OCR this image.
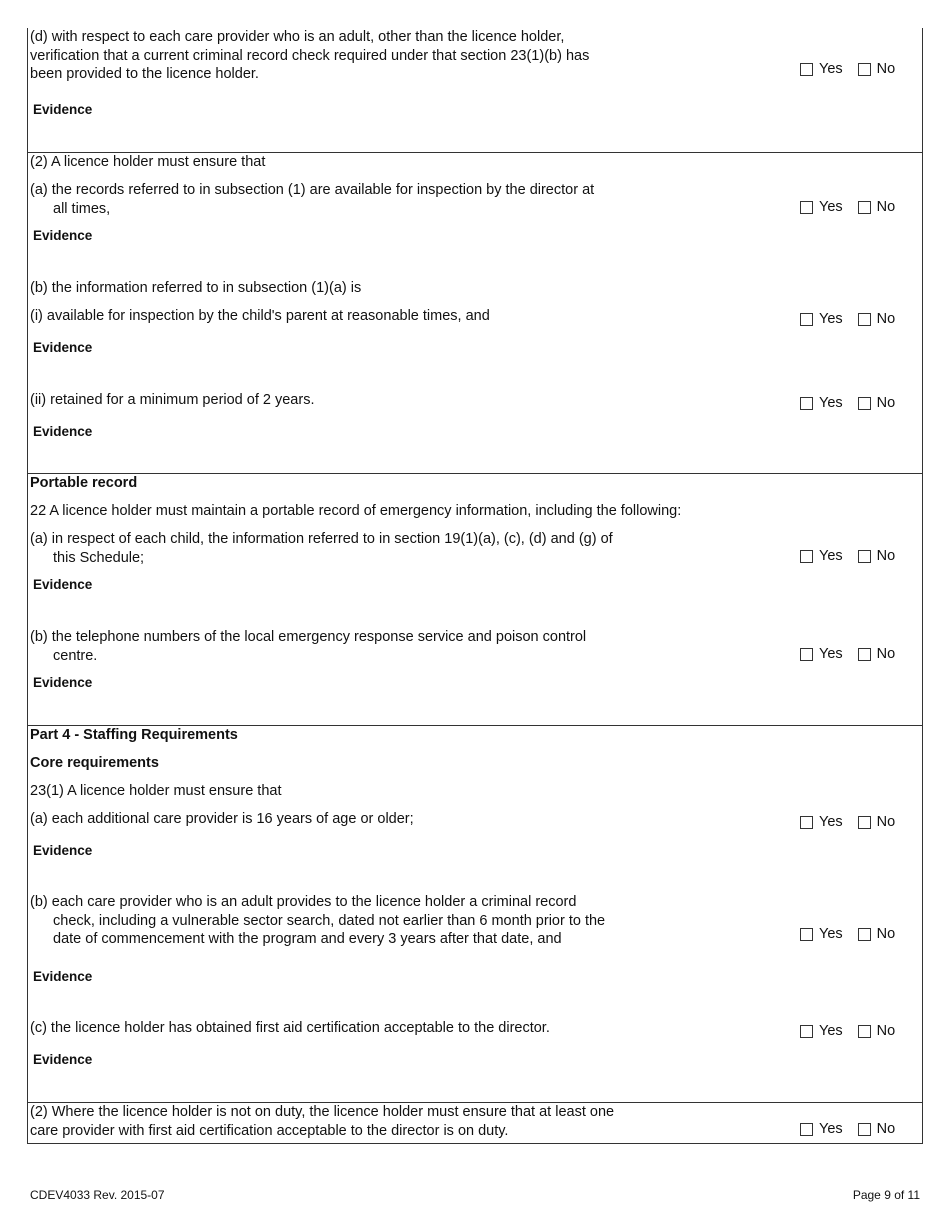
(d) with respect to each care provider who is an adult, other than the licence holder,
verification that a current criminal record check required under that section 23(1)(b) has
been provided to the licence holder.	Yes No
Evidence
(2) A licence holder must ensure that
(a) the records referred to in subsection (1) are available for inspection by the director at
all times,	Yes No
Evidence
(b) the information referred to in subsection (1)(a) is
(i) available for inspection by the child's parent at reasonable times, and	Yes No
Evidence
(ii) retained for a minimum period of 2 years.	Yes No
Evidence
Portable record
22 A licence holder must maintain a portable record of emergency information, including the following:
(a) in respect of each child, the information referred to in section 19(1)(a), (c), (d) and (g) of
this Schedule;	Yes No
Evidence
(b) the telephone numbers of the local emergency response service and poison control
centre.	Yes No
Evidence
Part 4 - Staffing Requirements
Core requirements
23(1) A licence holder must ensure that
(a) each additional care provider is 16 years of age or older;	Yes No
Evidence
(b) each care provider who is an adult provides to the licence holder a criminal record
check, including a vulnerable sector search, dated not earlier than 6 month prior to the
date of commencement with the program and every 3 years after that date, and	Yes No
Evidence
(c) the licence holder has obtained first aid certification acceptable to the director.	Yes No
Evidence
(2) Where the licence holder is not on duty, the licence holder must ensure that at least one
care provider with first aid certification acceptable to the director is on duty.	Yes No
CDEV4033 Rev. 2015-07	Page 9 of 11
